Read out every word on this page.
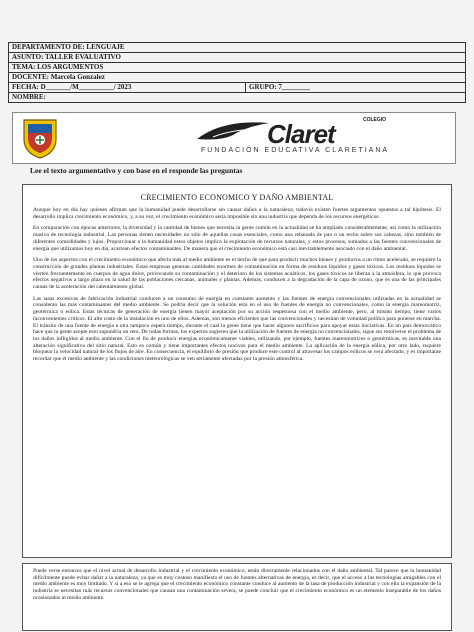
DEPARTAMENTO DE: LENGUAJE
ASUNTO: TALLER EVALUATIVO
TEMA: LOS ARGUMENTOS
DOCENTE: Marcela Gonzalez
FECHA: D_______/M__________/ 2023	GRUPO: 7________
NOMBRE:
COLEGIO
Claret
FUNDACIÓN EDUCATIVA CLARETIANA
Lee el texto argumentativo y con base en el responde las preguntas
CRECIMIENTO ECONOMICO Y DAÑO AMBIENTAL

Aunque hoy en día hay quienes afirman que la humanidad puede desarrollarse sin causar daños a la naturaleza, todavía existen fuertes argumentos opuestos a tal hipótesis. El desarrollo implica crecimiento económico, y, a su vez, el crecimiento económico sería imposible sin una industria que dependa de los recursos energéticos.

En comparación con épocas anteriores, la diversidad y la cantidad de bienes que necesita la gente común en la actualidad se ha ampliado considerablemente, así como la utilización masiva de tecnología industrial. Las personas tienen necesidades no sólo de aquellas cosas esenciales, como una rebanada de pan o un techo sobre sus cabezas, sino también de diferentes comodidades y lujos. Proporcionar a la humanidad estos objetos implica la explotación de recursos naturales, y estos procesos, sumados a las fuentes convencionales de energía que utilizamos hoy en día, acarrean efectos contaminantes. De manera que el crecimiento económico está casi inevitablemente asociado con el daño ambiental.

Uno de los aspectos con el crecimiento económico que afecta más al medio ambiente es el hecho de que para producir muchos bienes y productos a un ritmo acelerado, se requiere la construcción de grandes plantas industriales. Estas empresas generan cantidades enormes de contaminación en forma de residuos líquidos y gases tóxicos. Los residuos líquidos se vierten frecuentemente en cuerpos de agua dulce, provocando su contaminación y el deterioro de los sistemas acuáticos, los gases tóxicos se liberan a la atmósfera, lo que provoca efectos negativos a largo plazo en la salud de las poblaciones cercanas, animales y plantas. Además, conducen a la degradación de la capa de ozono, que es una de las principales causas de la aceleración del calentamiento global.

Las tasas excesivas de fabricación industrial conducen a un consumo de energía en constante aumento y las fuentes de energía convencionales utilizadas en la actualidad se consideran las más contaminantes del medio ambiente. Se podría decir que la solución está en el uso de fuentes de energía no convencionales, como la energía mareomotriz, geotérmica o eólica. Estas técnicas de generación de energía tienen mayor aceptación por su acción respetuosa con el medio ambiente, pero, al mismo tiempo, tiene varios inconvenientes críticos. El alto costo de la instalación es uno de ellos. Además, son menos eficientes que las convencionales y necesitan de voluntad política para ponerse en marcha. El tránsito de una fuente de energía a otra tampoco espera tiempo, durante el cual la gente tiene que hacer algunos sacrificios para apoyar estas iniciativas. En un país democrático hace que la gente acepte esto supondría un reto. De todas formas, los expertos sugieren que la utilización de fuentes de energía no convencionales, sigue sin resolverse el problema de los daños infligidos al medio ambiente. Con el fin de producir energías económicamente viables, utilizando, por ejemplo, fuentes mareomotrices o geotérmicas, es inevitable una alteración significativa del sitio natural. Esto es común y tiene importantes efectos nocivos para el medio ambiente. La aplicación de la energía eólica, por otro lado, requiere bloquear la velocidad natural de los flujos de aire. En consecuencia, el equilibrio de presión que produce este control al atravesar los campos eólicos se verá afectado, y es importante recordar que el medio ambiente y las condiciones meteorológicas se ven seriamente afectadas por la presión atmosférica.

Puede verse entonces que el nivel actual de desarrollo industrial y el crecimiento económico, están directamente relacionados con el daño ambiental. Tal parece que la humanidad difícilmente puede evitar dañar a la naturaleza, ya que es muy costoso manifiesta el uso de fuentes alternativas de energía, es decir, que el acceso a las tecnologías amigables con el medio ambiente es muy limitado. Y si a eso se le agrega que el crecimiento económico constante conduce al aumento de la tasa de producción industrial y con ella la expansión de la industria se necesitan más recursos convencionales que causan una contaminación severa, se puede concluir que el crecimiento económico es un elemento inseparable de los daños ocasionados al medio ambiente.
